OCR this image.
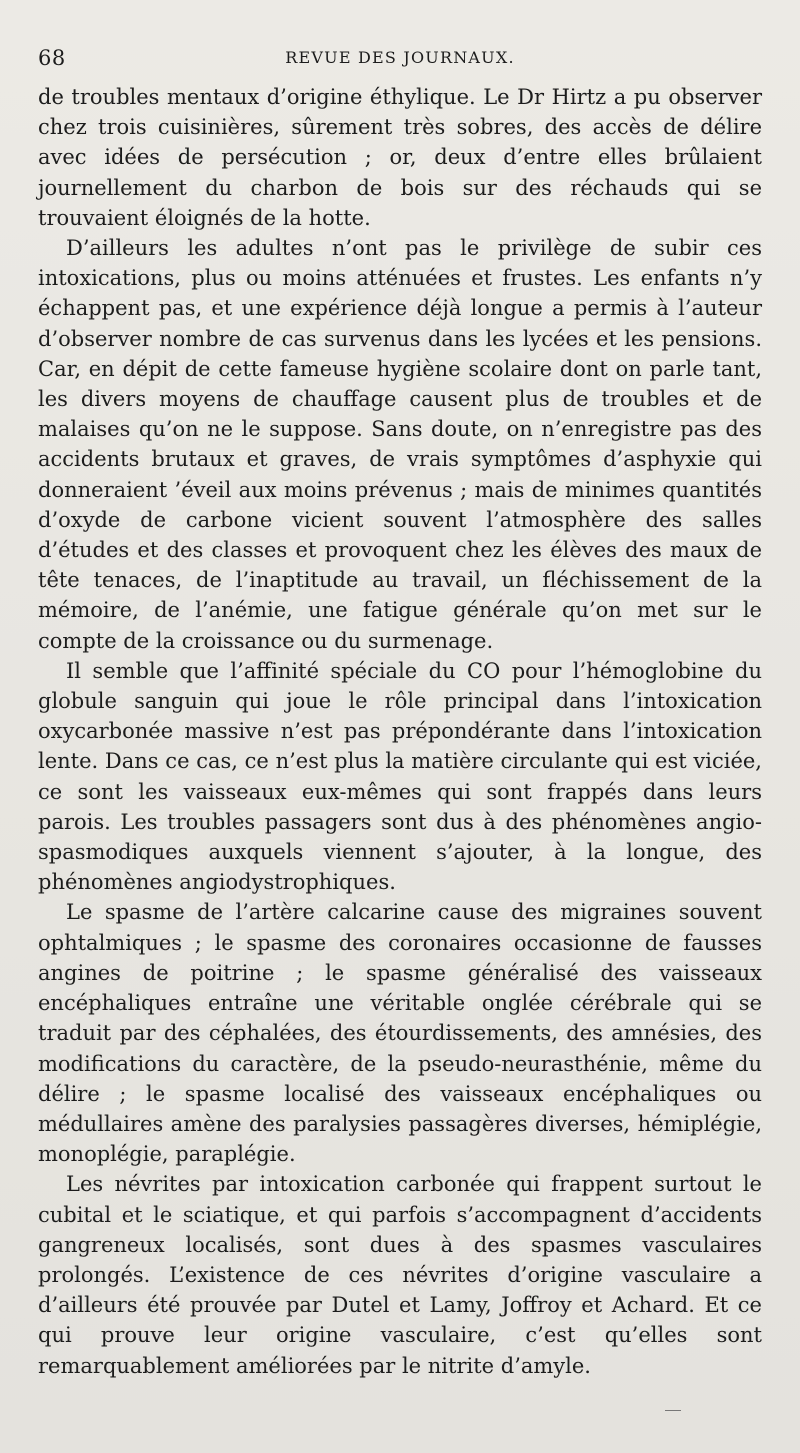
68	REVUE DES JOURNAUX.

de troubles mentaux d’origine éthylique. Le Dr Hirtz a pu observer chez trois cuisinières, sûrement très sobres, des accès de délire avec idées de persécution ; or, deux d’entre elles brûlaient journellement du charbon de bois sur des réchauds qui se trouvaient éloignés de la hotte.

D’ailleurs les adultes n’ont pas le privilège de subir ces intoxications, plus ou moins atténuées et frustes. Les enfants n’y échappent pas, et une expérience déjà longue a permis à l’auteur d’observer nombre de cas survenus dans les lycées et les pensions. Car, en dépit de cette fameuse hygiène scolaire dont on parle tant, les divers moyens de chauffage causent plus de troubles et de malaises qu’on ne le suppose. Sans doute, on n’enregistre pas des accidents brutaux et graves, de vrais symptômes d’asphyxie qui donneraient ’éveil aux moins prévenus ; mais de minimes quantités d’oxyde de carbone vicient souvent l’atmosphère des salles d’études et des classes et provoquent chez les élèves des maux de tête tenaces, de l’inaptitude au travail, un fléchissement de la mémoire, de l’anémie, une fatigue générale qu’on met sur le compte de la croissance ou du surmenage.

Il semble que l’affinité spéciale du CO pour l’hémoglobine du globule sanguin qui joue le rôle principal dans l’intoxication oxycarbonée massive n’est pas prépondérante dans l’intoxication lente. Dans ce cas, ce n’est plus la matière circulante qui est viciée, ce sont les vaisseaux eux-mêmes qui sont frappés dans leurs parois. Les troubles passagers sont dus à des phénomènes angio-spasmodiques auxquels viennent s’ajouter, à la longue, des phénomènes angiodystrophiques.

Le spasme de l’artère calcarine cause des migraines souvent ophtalmiques ; le spasme des coronaires occasionne de fausses angines de poitrine ; le spasme généralisé des vaisseaux encéphaliques entraîne une véritable onglée cérébrale qui se traduit par des céphalées, des étourdissements, des amnésies, des modifications du caractère, de la pseudo-neurasthénie, même du délire ; le spasme localisé des vaisseaux encéphaliques ou médullaires amène des paralysies passagères diverses, hémiplégie, monoplégie, paraplégie.

Les névrites par intoxication carbonée qui frappent surtout le cubital et le sciatique, et qui parfois s’accompagnent d’accidents gangreneux localisés, sont dues à des spasmes vasculaires prolongés. L’existence de ces névrites d’origine vasculaire a d’ailleurs été prouvée par Dutel et Lamy, Joffroy et Achard. Et ce qui prouve leur origine vasculaire, c’est qu’elles sont remarquablement améliorées par le nitrite d’amyle.
